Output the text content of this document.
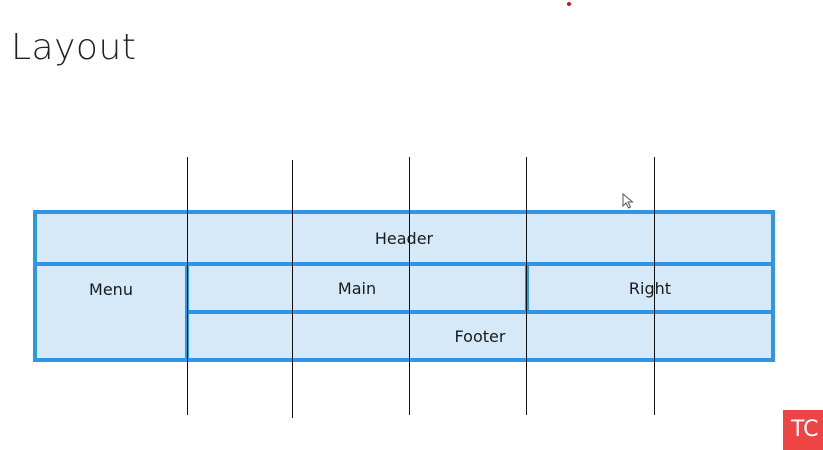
Layout
Header
Menu	Main	Right
Footer
TC
